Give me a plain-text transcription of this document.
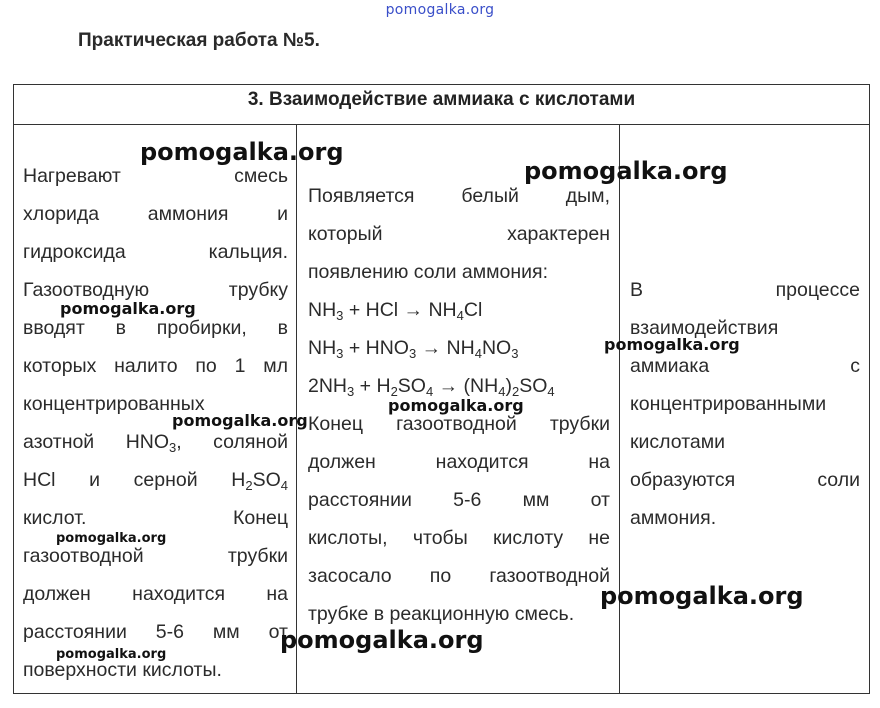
pomogalka.org
Практическая работа №5.
3. Взаимодействие аммиака с кислотами
Нагревают смесь
хлорида аммония и
гидроксида кальция.
Газоотводную трубку
вводят в пробирки, в
которых налито по 1 мл
концентрированных
азотной $HNO_3$, соляной
HCl и серной $H_2SO_4$
кислот. Конец
газоотводной трубки
должен находится на
расстоянии 5-6 мм от
поверхности кислоты.
Появляется белый дым,
который характерен
появлению соли аммония:
$NH_3$ + HCl → $NH_4Cl$
$NH_3 + HNO_3 \to NH_4NO_3$
$2NH_3 + H_2SO_4 \to (NH_4)_2SO_4$
Конец газоотводной трубки
должен находится на
расстоянии 5-6 мм от
кислоты, чтобы кислоту не
засосало по газоотводной
трубке в реакционную смесь.
В процессе
взаимодействия
аммиака с
концентрированными
кислотами
образуются соли
аммония.
pomogalka.org
pomogalka.org
pomogalka.org
pomogalka.org
pomogalka.org
pomogalka.org
pomogalka.org
pomogalka.org
pomogalka.org
pomogalka.org
